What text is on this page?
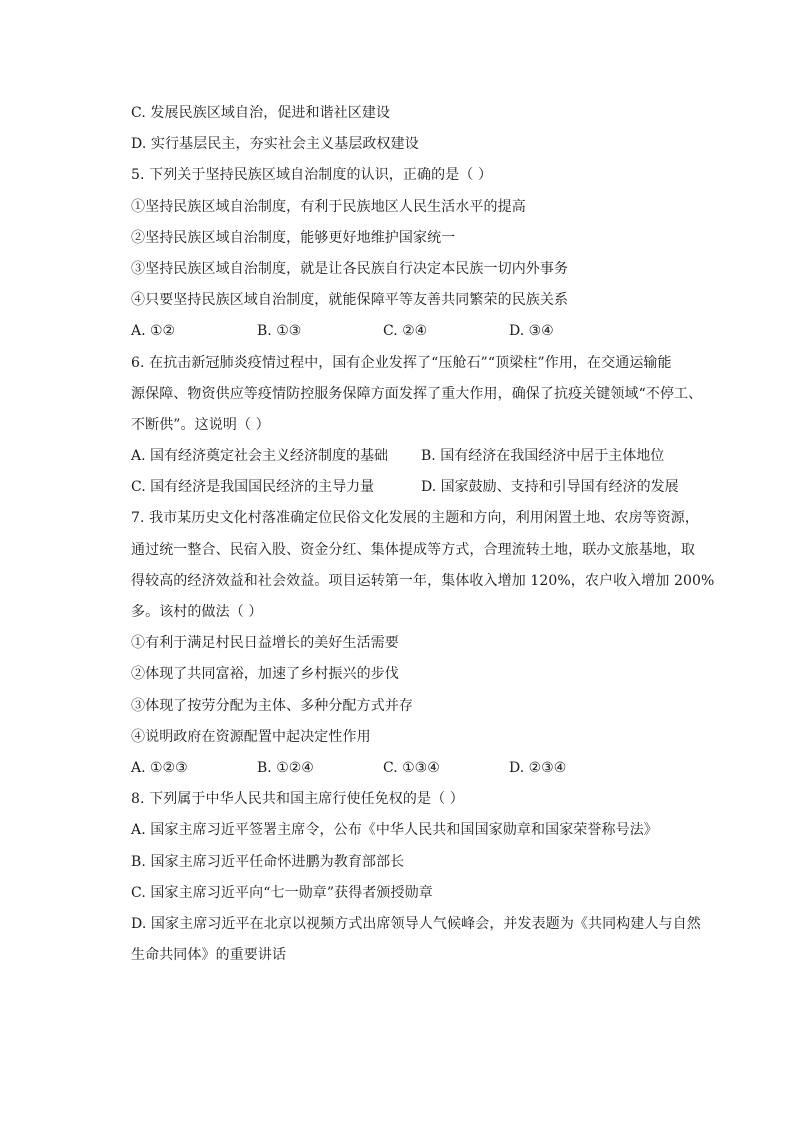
C. 发展民族区域自治，促进和谐社区建设
D. 实行基层民主，夯实社会主义基层政权建设
5. 下列关于坚持民族区域自治制度的认识，正确的是（ ）
①坚持民族区域自治制度，有利于民族地区人民生活水平的提高
②坚持民族区域自治制度，能够更好地维护国家统一
③坚持民族区域自治制度，就是让各民族自行决定本民族一切内外事务
④只要坚持民族区域自治制度，就能保障平等友善共同繁荣的民族关系
A. ①②	B. ①③	C. ②④	D. ③④
6. 在抗击新冠肺炎疫情过程中，国有企业发挥了“压舱石”“顶梁柱”作用，在交通运输能
源保障、物资供应等疫情防控服务保障方面发挥了重大作用，确保了抗疫关键领域“不停工、
不断供”。这说明（ ）
A. 国有经济奠定社会主义经济制度的基础	B. 国有经济在我国经济中居于主体地位
C. 国有经济是我国国民经济的主导力量	D. 国家鼓励、支持和引导国有经济的发展
7. 我市某历史文化村落准确定位民俗文化发展的主题和方向，利用闲置土地、农房等资源，
通过统一整合、民宿入股、资金分红、集体提成等方式，合理流转土地，联办文旅基地，取
得较高的经济效益和社会效益。项目运转第一年，集体收入增加 120%，农户收入增加 200%
多。该村的做法（ ）
①有利于满足村民日益增长的美好生活需要
②体现了共同富裕，加速了乡村振兴的步伐
③体现了按劳分配为主体、多种分配方式并存
④说明政府在资源配置中起决定性作用
A. ①②③	B. ①②④	C. ①③④	D. ②③④
8. 下列属于中华人民共和国主席行使任免权的是（ ）
A. 国家主席习近平签署主席令，公布《中华人民共和国国家勋章和国家荣誉称号法》
B. 国家主席习近平任命怀进鹏为教育部部长
C. 国家主席习近平向“七一勋章”获得者颁授勋章
D. 国家主席习近平在北京以视频方式出席领导人气候峰会，并发表题为《共同构建人与自然
生命共同体》的重要讲话
